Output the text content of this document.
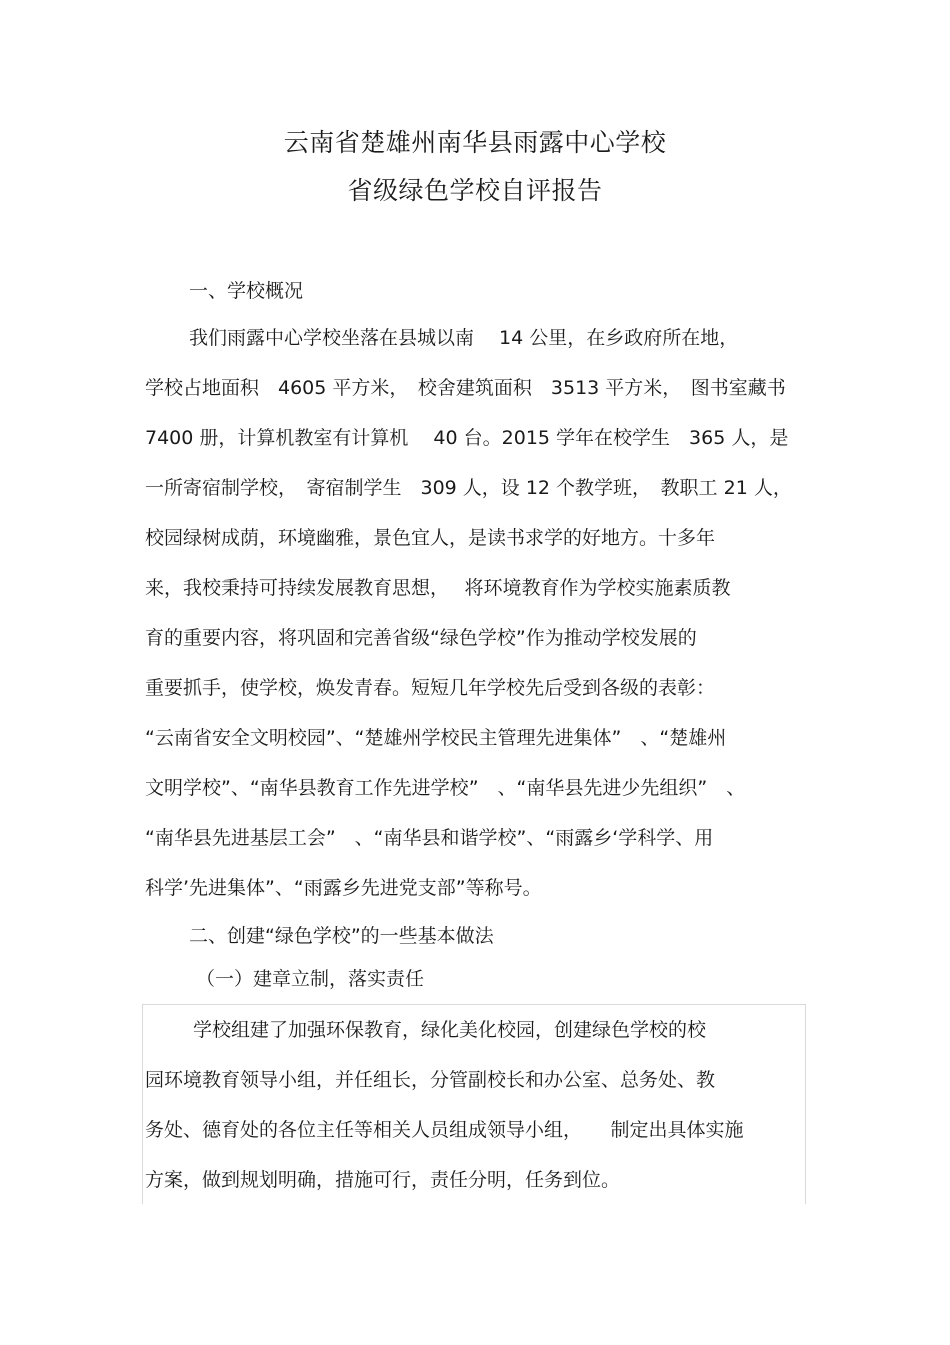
云南省楚雄州南华县雨露中心学校
省级绿色学校自评报告
一、学校概况
我们雨露中心学校坐落在县城以南 　14 公里，在乡政府所在地，
学校占地面积　4605 平方米，　校舍建筑面积　3513 平方米，　图书室藏书
7400 册，计算机教室有计算机　 40 台。2015 学年在校学生　365 人，是
一所寄宿制学校，　寄宿制学生　309 人，设 12 个教学班，　教职工 21 人，
校园绿树成荫，环境幽雅，景色宜人，是读书求学的好地方。十多年
来，我校秉持可持续发展教育思想，　 将环境教育作为学校实施素质教
育的重要内容，将巩固和完善省级“绿色学校”作为推动学校发展的
重要抓手，使学校，焕发青春。短短几年学校先后受到各级的表彰：
“云南省安全文明校园”、“楚雄州学校民主管理先进集体”　、“楚雄州
文明学校”、“南华县教育工作先进学校”　、“南华县先进少先组织”　、
“南华县先进基层工会”　、“南华县和谐学校”、“雨露乡‘学科学、用
科学’先进集体”、“雨露乡先进党支部”等称号。
二、创建“绿色学校”的一些基本做法
（一）建章立制，落实责任
学校组建了加强环保教育，绿化美化校园，创建绿色学校的校
园环境教育领导小组，并任组长，分管副校长和办公室、总务处、教
务处、德育处的各位主任等相关人员组成领导小组，　　制定出具体实施
方案，做到规划明确，措施可行，责任分明，任务到位。
